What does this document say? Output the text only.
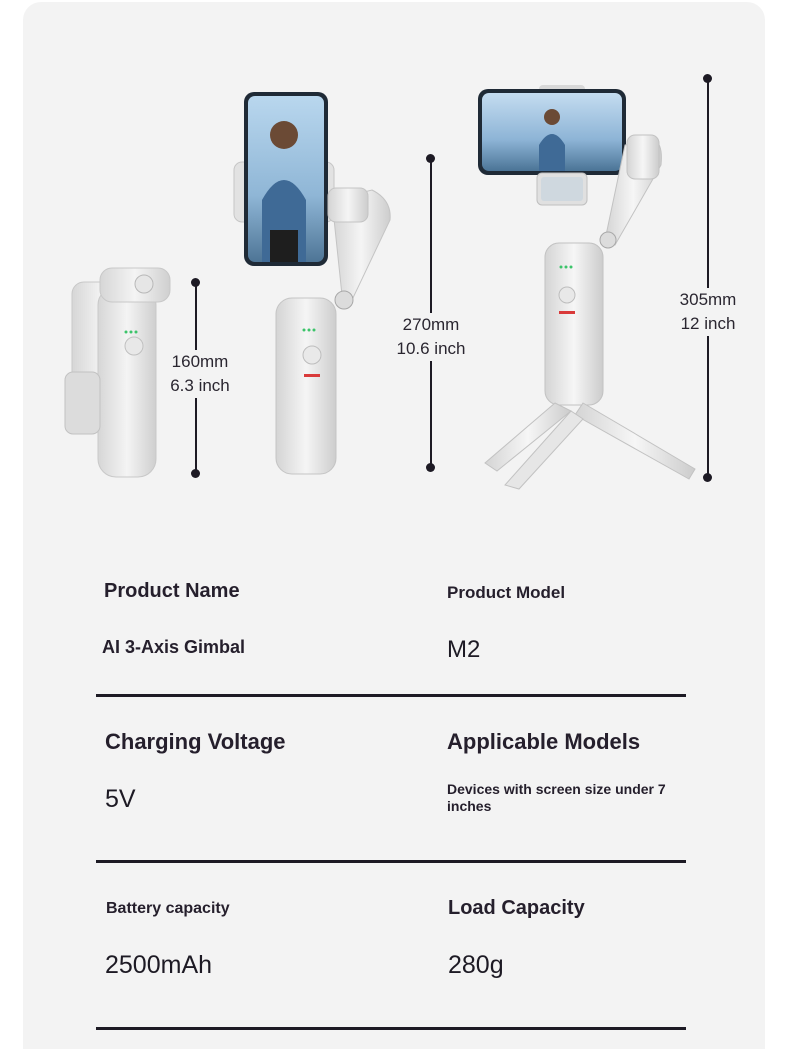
160mm
6.3 inch
270mm
10.6 inch
305mm
12 inch
Product Name
AI 3-Axis Gimbal
Product Model
M2
Charging Voltage
5V
Applicable Models
Devices with screen size under 7 inches
Battery capacity
2500mAh
Load Capacity
280g
